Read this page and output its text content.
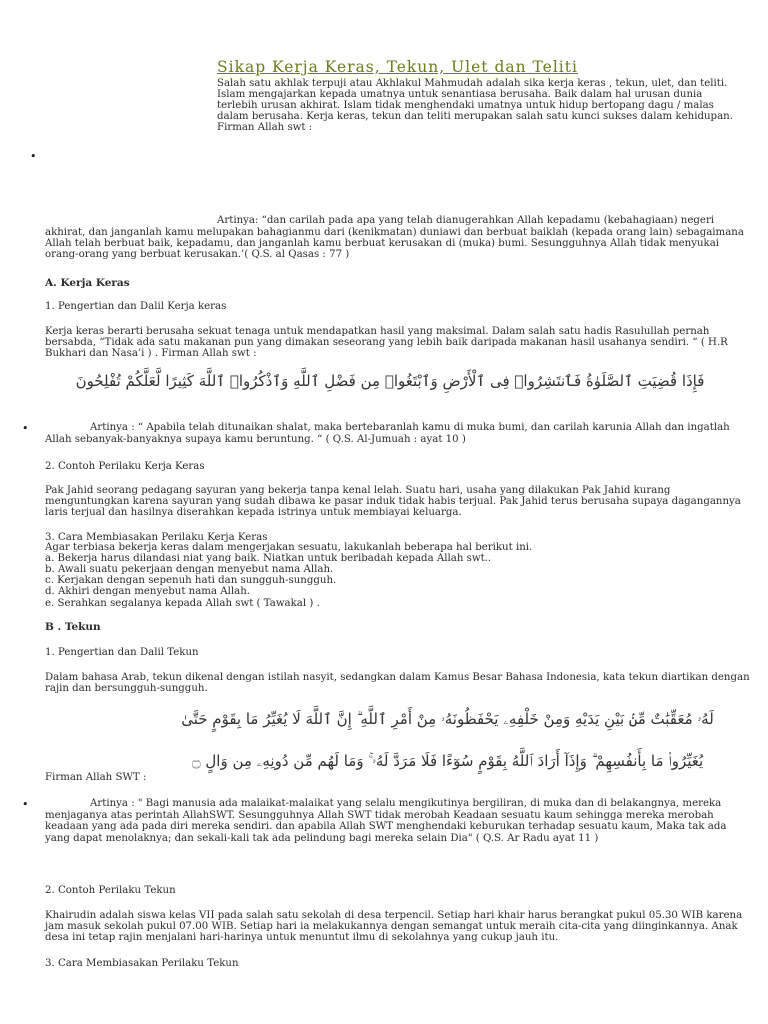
Sikap Kerja Keras, Tekun, Ulet dan Teliti
Salah satu akhlak terpuji atau Akhlakul Mahmudah adalah sika kerja keras , tekun, ulet, dan teliti.
Islam mengajarkan kepada umatnya untuk senantiasa berusaha. Baik dalam hal urusan dunia
terlebih urusan akhirat. Islam tidak menghendaki umatnya untuk hidup bertopang dagu / malas
dalam berusaha. Kerja keras, tekun dan teliti merupakan salah satu kunci sukses dalam kehidupan.
Firman Allah swt :
•
Artinya: “dan carilah pada apa yang telah dianugerahkan Allah kepadamu (kebahagiaan) negeri
akhirat, dan janganlah kamu melupakan bahagianmu dari (kenikmatan) duniawi dan berbuat baiklah (kepada orang lain) sebagaimana
Allah telah berbuat baik, kepadamu, dan janganlah kamu berbuat kerusakan di (muka) bumi. Sesungguhnya Allah tidak menyukai
orang-orang yang berbuat kerusakan.’( Q.S. al Qasas : 77 )
A. Kerja Keras
1. Pengertian dan Dalil Kerja keras
Kerja keras berarti berusaha sekuat tenaga untuk mendapatkan hasil yang maksimal. Dalam salah satu hadis Rasulullah pernah
bersabda, “Tidak ada satu makanan pun yang dimakan seseorang yang lebih baik daripada makanan hasil usahanya sendiri. “ ( H.R
Bukhari dan Nasa’i ) . Firman Allah swt :
فَإِذَا قُضِيَتِ ٱلصَّلَوٰةُ فَٱنتَشِرُوا۟ فِى ٱلْأَرْضِ وَٱبْتَغُوا۟ مِن فَضْلِ ٱللَّهِ وَٱذْكُرُوا۟ ٱللَّهَ كَثِيرًا لَّعَلَّكُمْ تُفْلِحُونَ
•	Artinya : “ Apabila telah ditunaikan shalat, maka bertebaranlah kamu di muka bumi, dan carilah karunia Allah dan ingatlah
Allah sebanyak-banyaknya supaya kamu beruntung. “ ( Q.S. Al-Jumuah : ayat 10 )
2. Contoh Perilaku Kerja Keras
Pak Jahid seorang pedagang sayuran yang bekerja tanpa kenal lelah. Suatu hari, usaha yang dilakukan Pak Jahid kurang
menguntungkan karena sayuran yang sudah dibawa ke pasar induk tidak habis terjual. Pak Jahid terus berusaha supaya dagangannya
laris terjual dan hasilnya diserahkan kepada istrinya untuk membiayai keluarga.
3. Cara Membiasakan Perilaku Kerja Keras
Agar terbiasa bekerja keras dalam mengerjakan sesuatu, lakukanlah beberapa hal berikut ini.
a. Bekerja harus dilandasi niat yang baik. Niatkan untuk beribadah kepada Allah swt..
b. Awali suatu pekerjaan dengan menyebut nama Allah.
c. Kerjakan dengan sepenuh hati dan sungguh-sungguh.
d. Akhiri dengan menyebut nama Allah.
e. Serahkan segalanya kepada Allah swt ( Tawakal ) .
B . Tekun
1. Pengertian dan Dalil Tekun
Dalam bahasa Arab, tekun dikenal dengan istilah nasyit, sedangkan dalam Kamus Besar Bahasa Indonesia, kata tekun diartikan dengan
rajin dan bersungguh-sungguh.
لَهُۥ مُعَقِّبَٰتٌ مِّنۢ بَيْنِ يَدَيْهِ وَمِنْ خَلْفِهِۦ يَحْفَظُونَهُۥ مِنْ أَمْرِ ٱللَّهِ ۗ إِنَّ ٱللَّهَ لَا يُغَيِّرُ مَا بِقَوْمٍ حَتَّىٰ
يُغَيِّرُوا۟ مَا بِأَنفُسِهِمْ ۗ وَإِذَآ أَرَادَ ٱللَّهُ بِقَوْمٍ سُوٓءًا فَلَا مَرَدَّ لَهُۥ ۚ وَمَا لَهُم مِّن دُونِهِۦ مِن وَالٍ ۝
Firman Allah SWT :
•	Artinya : " Bagi manusia ada malaikat-malaikat yang selalu mengikutinya bergiliran, di muka dan di belakangnya, mereka
menjaganya atas perintah AllahSWT. Sesungguhnya Allah SWT tidak merobah Keadaan sesuatu kaum sehingga mereka merobah
keadaan yang ada pada diri mereka sendiri. dan apabila Allah SWT menghendaki keburukan terhadap sesuatu kaum, Maka tak ada
yang dapat menolaknya; dan sekali-kali tak ada pelindung bagi mereka selain Dia" ( Q.S. Ar Radu ayat 11 )
2. Contoh Perilaku Tekun
Khairudin adalah siswa kelas VII pada salah satu sekolah di desa terpencil. Setiap hari khair harus berangkat pukul 05.30 WIB karena
jam masuk sekolah pukul 07.00 WIB. Setiap hari ia melakukannya dengan semangat untuk meraih cita-cita yang diinginkannya. Anak
desa ini tetap rajin menjalani hari-harinya untuk menuntut ilmu di sekolahnya yang cukup jauh itu.
3. Cara Membiasakan Perilaku Tekun
